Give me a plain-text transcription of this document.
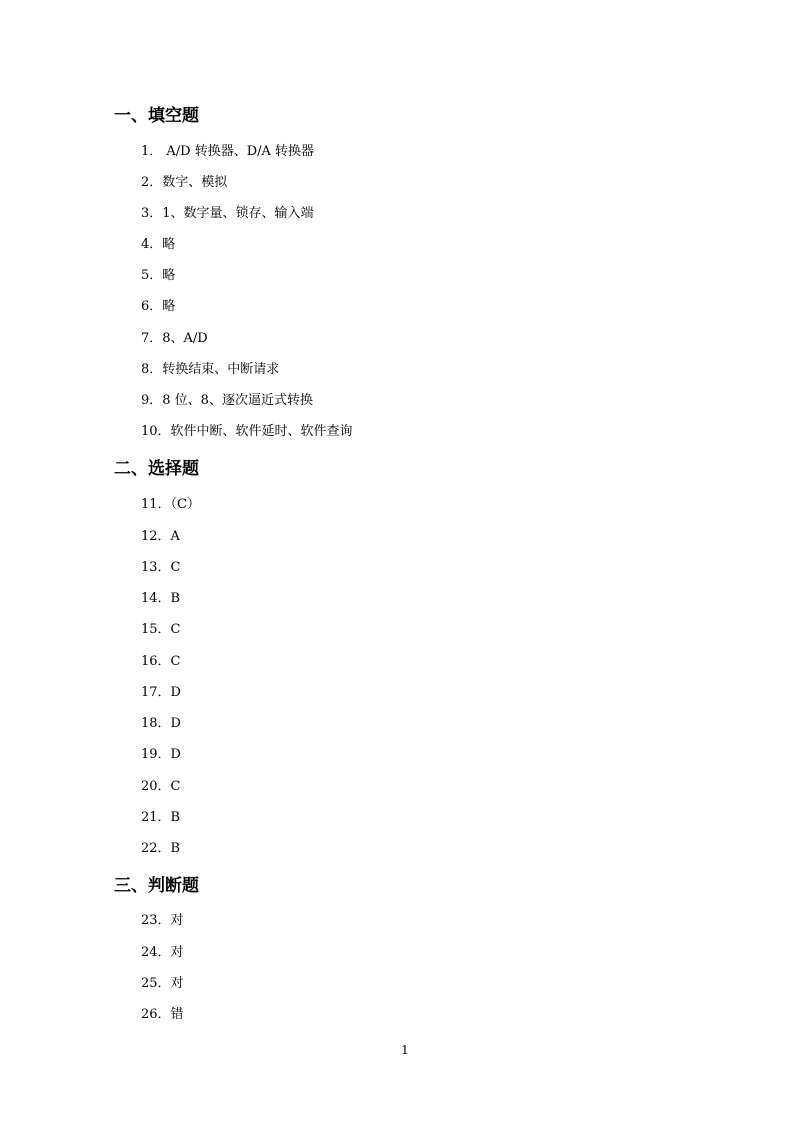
一、填空题
1． A/D 转换器、D/A 转换器
2．数字、模拟
3．1、数字量、锁存、输入端
4．略
5．略
6．略
7．8、A/D
8．转换结束、中断请求
9．8 位、8、逐次逼近式转换
10．软件中断、软件延时、软件查询
二、选择题
11．（C）
12．A
13．C
14．B
15．C
16．C
17．D
18．D
19．D
20．C
21．B
22．B
三、判断题
23．对
24．对
25．对
26．错
1
